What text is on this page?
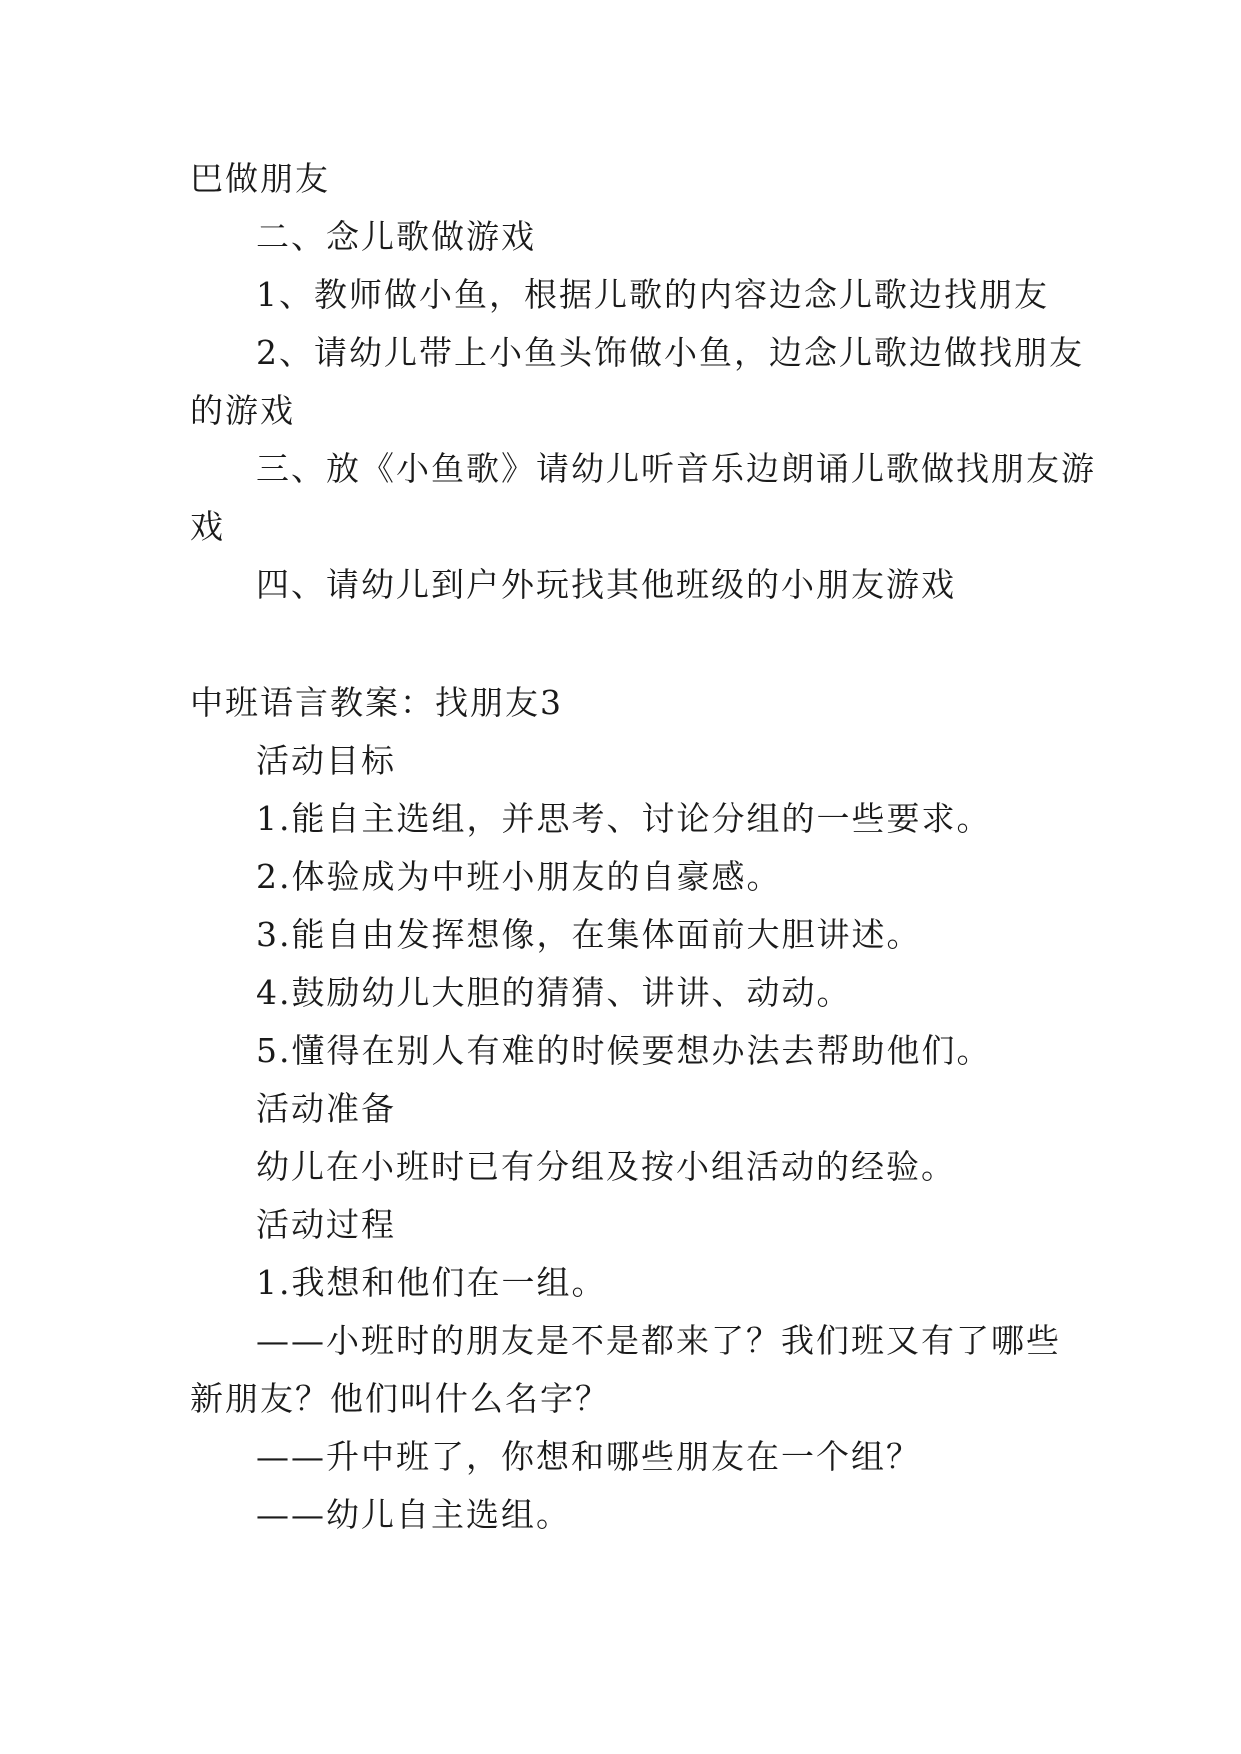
巴做朋友
二、念儿歌做游戏
1、教师做小鱼，根据儿歌的内容边念儿歌边找朋友
2、请幼儿带上小鱼头饰做小鱼，边念儿歌边做找朋友
的游戏
三、放《小鱼歌》请幼儿听音乐边朗诵儿歌做找朋友游
戏
四、请幼儿到户外玩找其他班级的小朋友游戏
中班语言教案：找朋友3
活动目标
1.能自主选组，并思考、讨论分组的一些要求。
2.体验成为中班小朋友的自豪感。
3.能自由发挥想像，在集体面前大胆讲述。
4.鼓励幼儿大胆的猜猜、讲讲、动动。
5.懂得在别人有难的时候要想办法去帮助他们。
活动准备
幼儿在小班时已有分组及按小组活动的经验。
活动过程
1.我想和他们在一组。
——小班时的朋友是不是都来了？我们班又有了哪些
新朋友？他们叫什么名字？
——升中班了，你想和哪些朋友在一个组？
——幼儿自主选组。
